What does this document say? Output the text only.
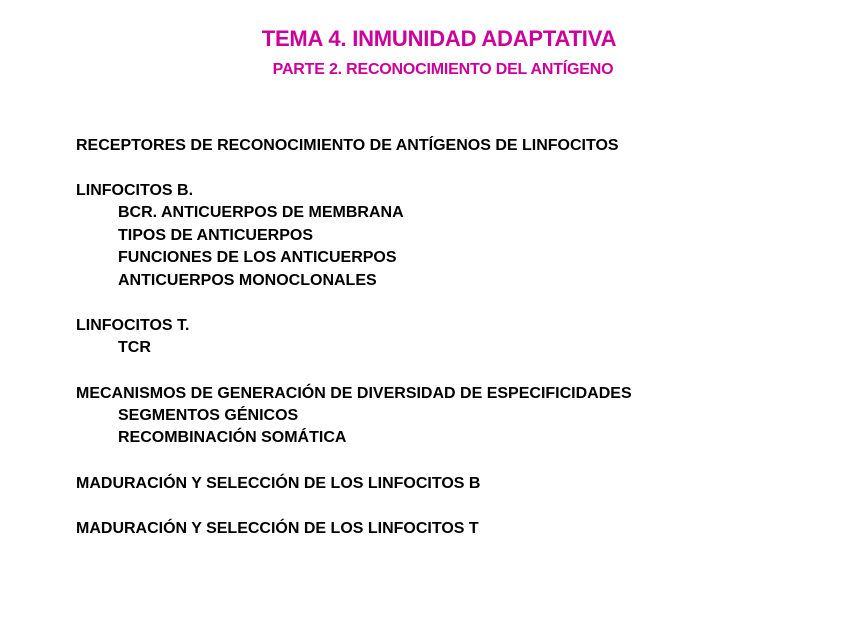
TEMA 4. INMUNIDAD ADAPTATIVA
PARTE 2. RECONOCIMIENTO DEL ANTÍGENO
RECEPTORES DE RECONOCIMIENTO DE ANTÍGENOS DE LINFOCITOS
LINFOCITOS B.
BCR. ANTICUERPOS DE MEMBRANA
TIPOS DE ANTICUERPOS
FUNCIONES DE LOS ANTICUERPOS
ANTICUERPOS MONOCLONALES
LINFOCITOS T.
TCR
MECANISMOS DE GENERACIÓN DE DIVERSIDAD DE ESPECIFICIDADES
SEGMENTOS GÉNICOS
RECOMBINACIÓN SOMÁTICA
MADURACIÓN Y SELECCIÓN DE LOS LINFOCITOS B
MADURACIÓN Y SELECCIÓN DE LOS LINFOCITOS T
